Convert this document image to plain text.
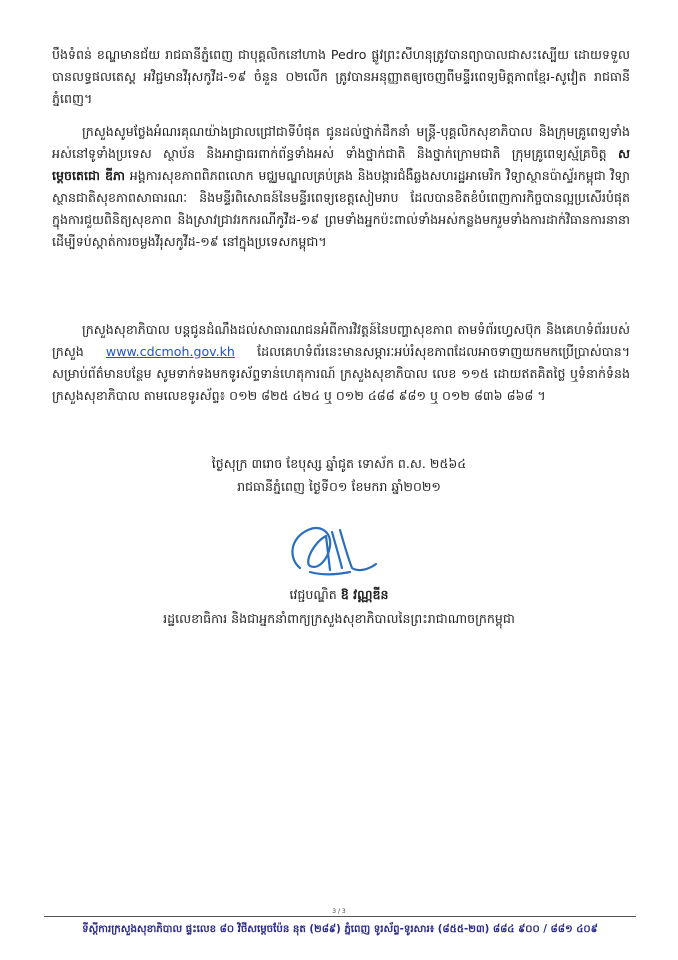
បឹងទំពន់ ខណ្ឌមានជ័យ រាជធានីភ្នំពេញ ជាបុគ្គលិកនៅហាង Pedro ផ្លូវព្រះសីហនុត្រូវបានព្យាបាលជាសះស្បើយ ដោយទទួលបានលទ្ធផលតេស្ត អវិជ្ជមានវីរុសកូវីដ-១៩ ចំនួន ០២លើក ត្រូវបានអនុញ្ញាតឲ្យចេញពីមន្ទីរពេទ្យមិត្តភាពខ្មែរ-សូវៀត រាជធានីភ្នំពេញ។
ក្រសួងសូមថ្លែងអំណរគុណយ៉ាងជ្រាលជ្រៅជាទីបំផុត ជូនដល់ថ្នាក់ដឹកនាំ មន្ត្រី-បុគ្គលិកសុខាភិបាល និងក្រុមគ្រូពេទ្យទាំងអស់នៅទូទាំងប្រទេស ស្ថាប័ន និងអាជ្ញាធរពាក់ព័ន្ធទាំងអស់ ទាំងថ្នាក់ជាតិ និងថ្នាក់ក្រោមជាតិ ក្រុមគ្រូពេទ្យស្ម័គ្រចិត្ត សម្តេចតេជោ ឌីភា អង្គការសុខភាពពិភពលោក មជ្ឈមណ្ឌលគ្រប់គ្រង និងបង្ការជំងឺឆ្លងសហរដ្ឋអាមេរិក វិទ្យាស្ថានប៉ាស្ទ័រកម្ពុជា វិទ្យាស្ថានជាតិសុខភាពសាធារណៈ និងមន្ទីរពិសោធន៍នៃមន្ទីរពេទ្យខេត្តសៀមរាប ដែលបានខិតខំបំពេញការកិច្ចបានល្អប្រសើរបំផុត ក្នុងការជួយពិនិត្យសុខភាព និងស្រាវជ្រាវរកករណីកូវីដ-១៩ ព្រមទាំងអ្នកប៉ះពាល់ទាំងអស់កន្លងមករួមទាំងការដាក់វិធានការនានា ដើម្បីទប់ស្កាត់ការចម្លងវីរុសកូវីដ-១៩ នៅក្នុងប្រទេសកម្ពុជា។
ក្រសួងសុខាភិបាល បន្តជូនដំណឹងដល់សាធារណជនអំពីការវិវត្តន៍នៃបញ្ហាសុខភាព តាមទំព័រហ្វេសប៊ុក និងគេហទំព័ររបស់ក្រសួង www.cdcmoh.gov.kh ដែលគេហទំព័រនេះមានសម្ភារៈអប់រំសុខភាពដែលអាចទាញយកមកប្រើប្រាស់បាន។ សម្រាប់ព័ត៌មានបន្ថែម សូមទាក់ទងមកទូរស័ព្ទទាន់ហេតុការណ៍ ក្រសួងសុខាភិបាល លេខ ១១៥ ដោយឥតគិតថ្លៃ ឬទំនាក់ទំនងក្រសួងសុខាភិបាល តាមលេខទូរស័ព្ទ៖ ០១២ ៨២៥ ៤២៤ ឬ ០១២ ៤៨៨ ៩៨១ ឬ ០១២ ៨៣៦ ៨៦៨ ។
ថ្ងៃសុក្រ ៣រោច ខែបុស្ស ឆ្នាំជូត ទោស័ក ព.ស. ២៥៦៤
រាជធានីភ្នំពេញ ថ្ងៃទី០១ ខែមករា ឆ្នាំ២០២១
វេជ្ជបណ្ឌិត ឱ វណ្ណឌីន
រដ្ឋលេខាធិការ និងជាអ្នកនាំពាក្យក្រសួងសុខាភិបាលនៃព្រះរាជាណាចក្រកម្ពុជា
3 / 3
ទីស្តីការក្រសួងសុខាភិបាល ផ្ទះលេខ ៨០ វិថីសម្តេចប៉ែន នុត (២៨៩) ភ្នំពេញ ទូរស័ព្ទ-ទូរសារ៖ (៨៥៥-២៣) ៨៨៤ ៩០០ / ៨៨១ ៤០៩
